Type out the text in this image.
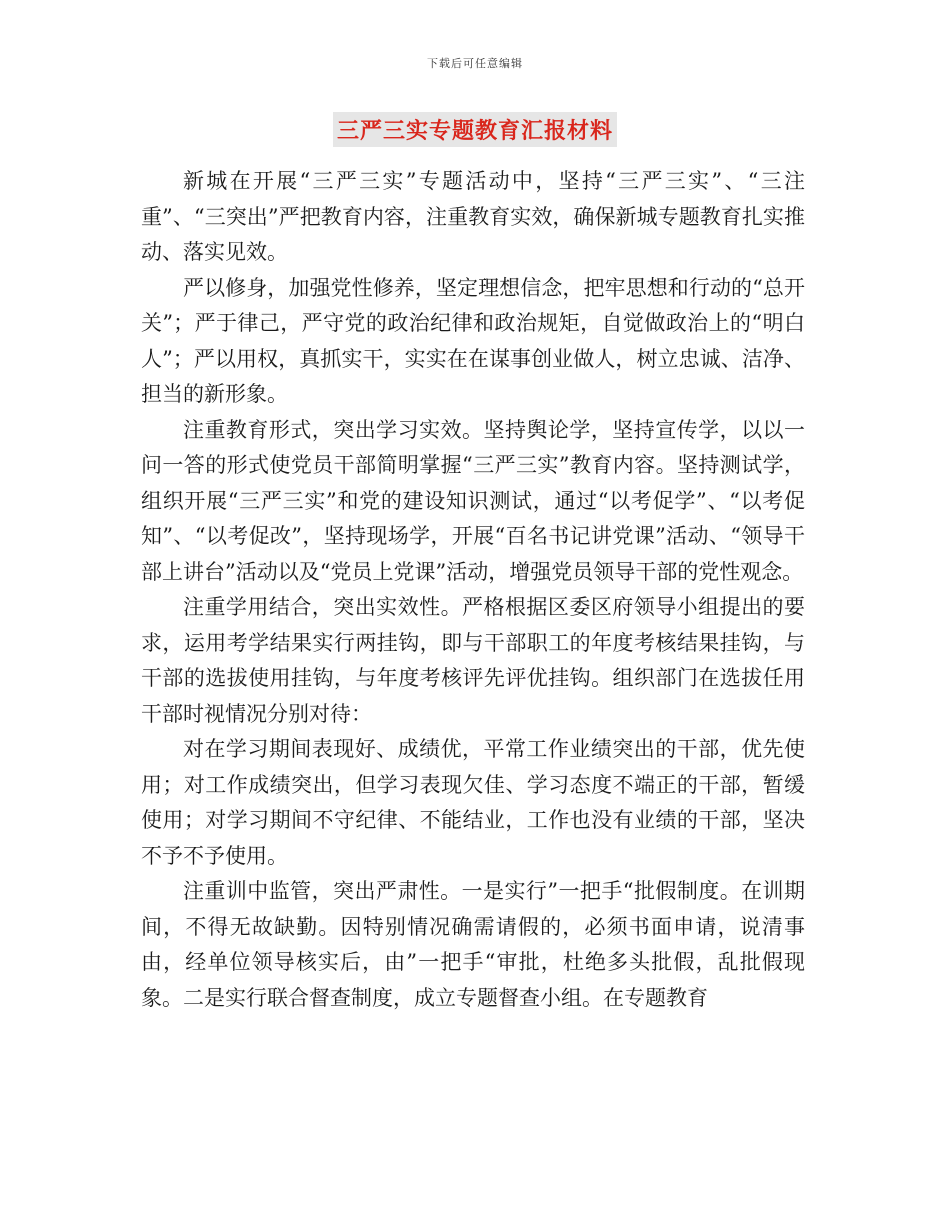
下载后可任意编辑
三严三实专题教育汇报材料

新城在开展“三严三实”专题活动中，坚持“三严三实”、“三注重”、“三突出”严把教育内容，注重教育实效，确保新城专题教育扎实推动、落实见效。

严以修身，加强党性修养，坚定理想信念，把牢思想和行动的“总开关”；严于律己，严守党的政治纪律和政治规矩，自觉做政治上的“明白人”；严以用权，真抓实干，实实在在谋事创业做人，树立忠诚、洁净、担当的新形象。

注重教育形式，突出学习实效。坚持舆论学，坚持宣传学，以以一问一答的形式使党员干部简明掌握“三严三实”教育内容。坚持测试学，组织开展“三严三实”和党的建设知识测试，通过“以考促学”、“以考促知”、“以考促改”，坚持现场学，开展“百名书记讲党课”活动、“领导干部上讲台”活动以及“党员上党课”活动，增强党员领导干部的党性观念。

注重学用结合，突出实效性。严格根据区委区府领导小组提出的要求，运用考学结果实行两挂钩，即与干部职工的年度考核结果挂钩，与干部的选拔使用挂钩，与年度考核评先评优挂钩。组织部门在选拔任用干部时视情况分别对待：

对在学习期间表现好、成绩优，平常工作业绩突出的干部，优先使用；对工作成绩突出，但学习表现欠佳、学习态度不端正的干部，暂缓使用；对学习期间不守纪律、不能结业，工作也没有业绩的干部，坚决不予不予使用。

注重训中监管，突出严肃性。一是实行”一把手“批假制度。在训期间，不得无故缺勤。因特别情况确需请假的，必须书面申请，说清事由，经单位领导核实后，由”一把手“审批，杜绝多头批假，乱批假现象。二是实行联合督查制度，成立专题督查小组。在专题教育
